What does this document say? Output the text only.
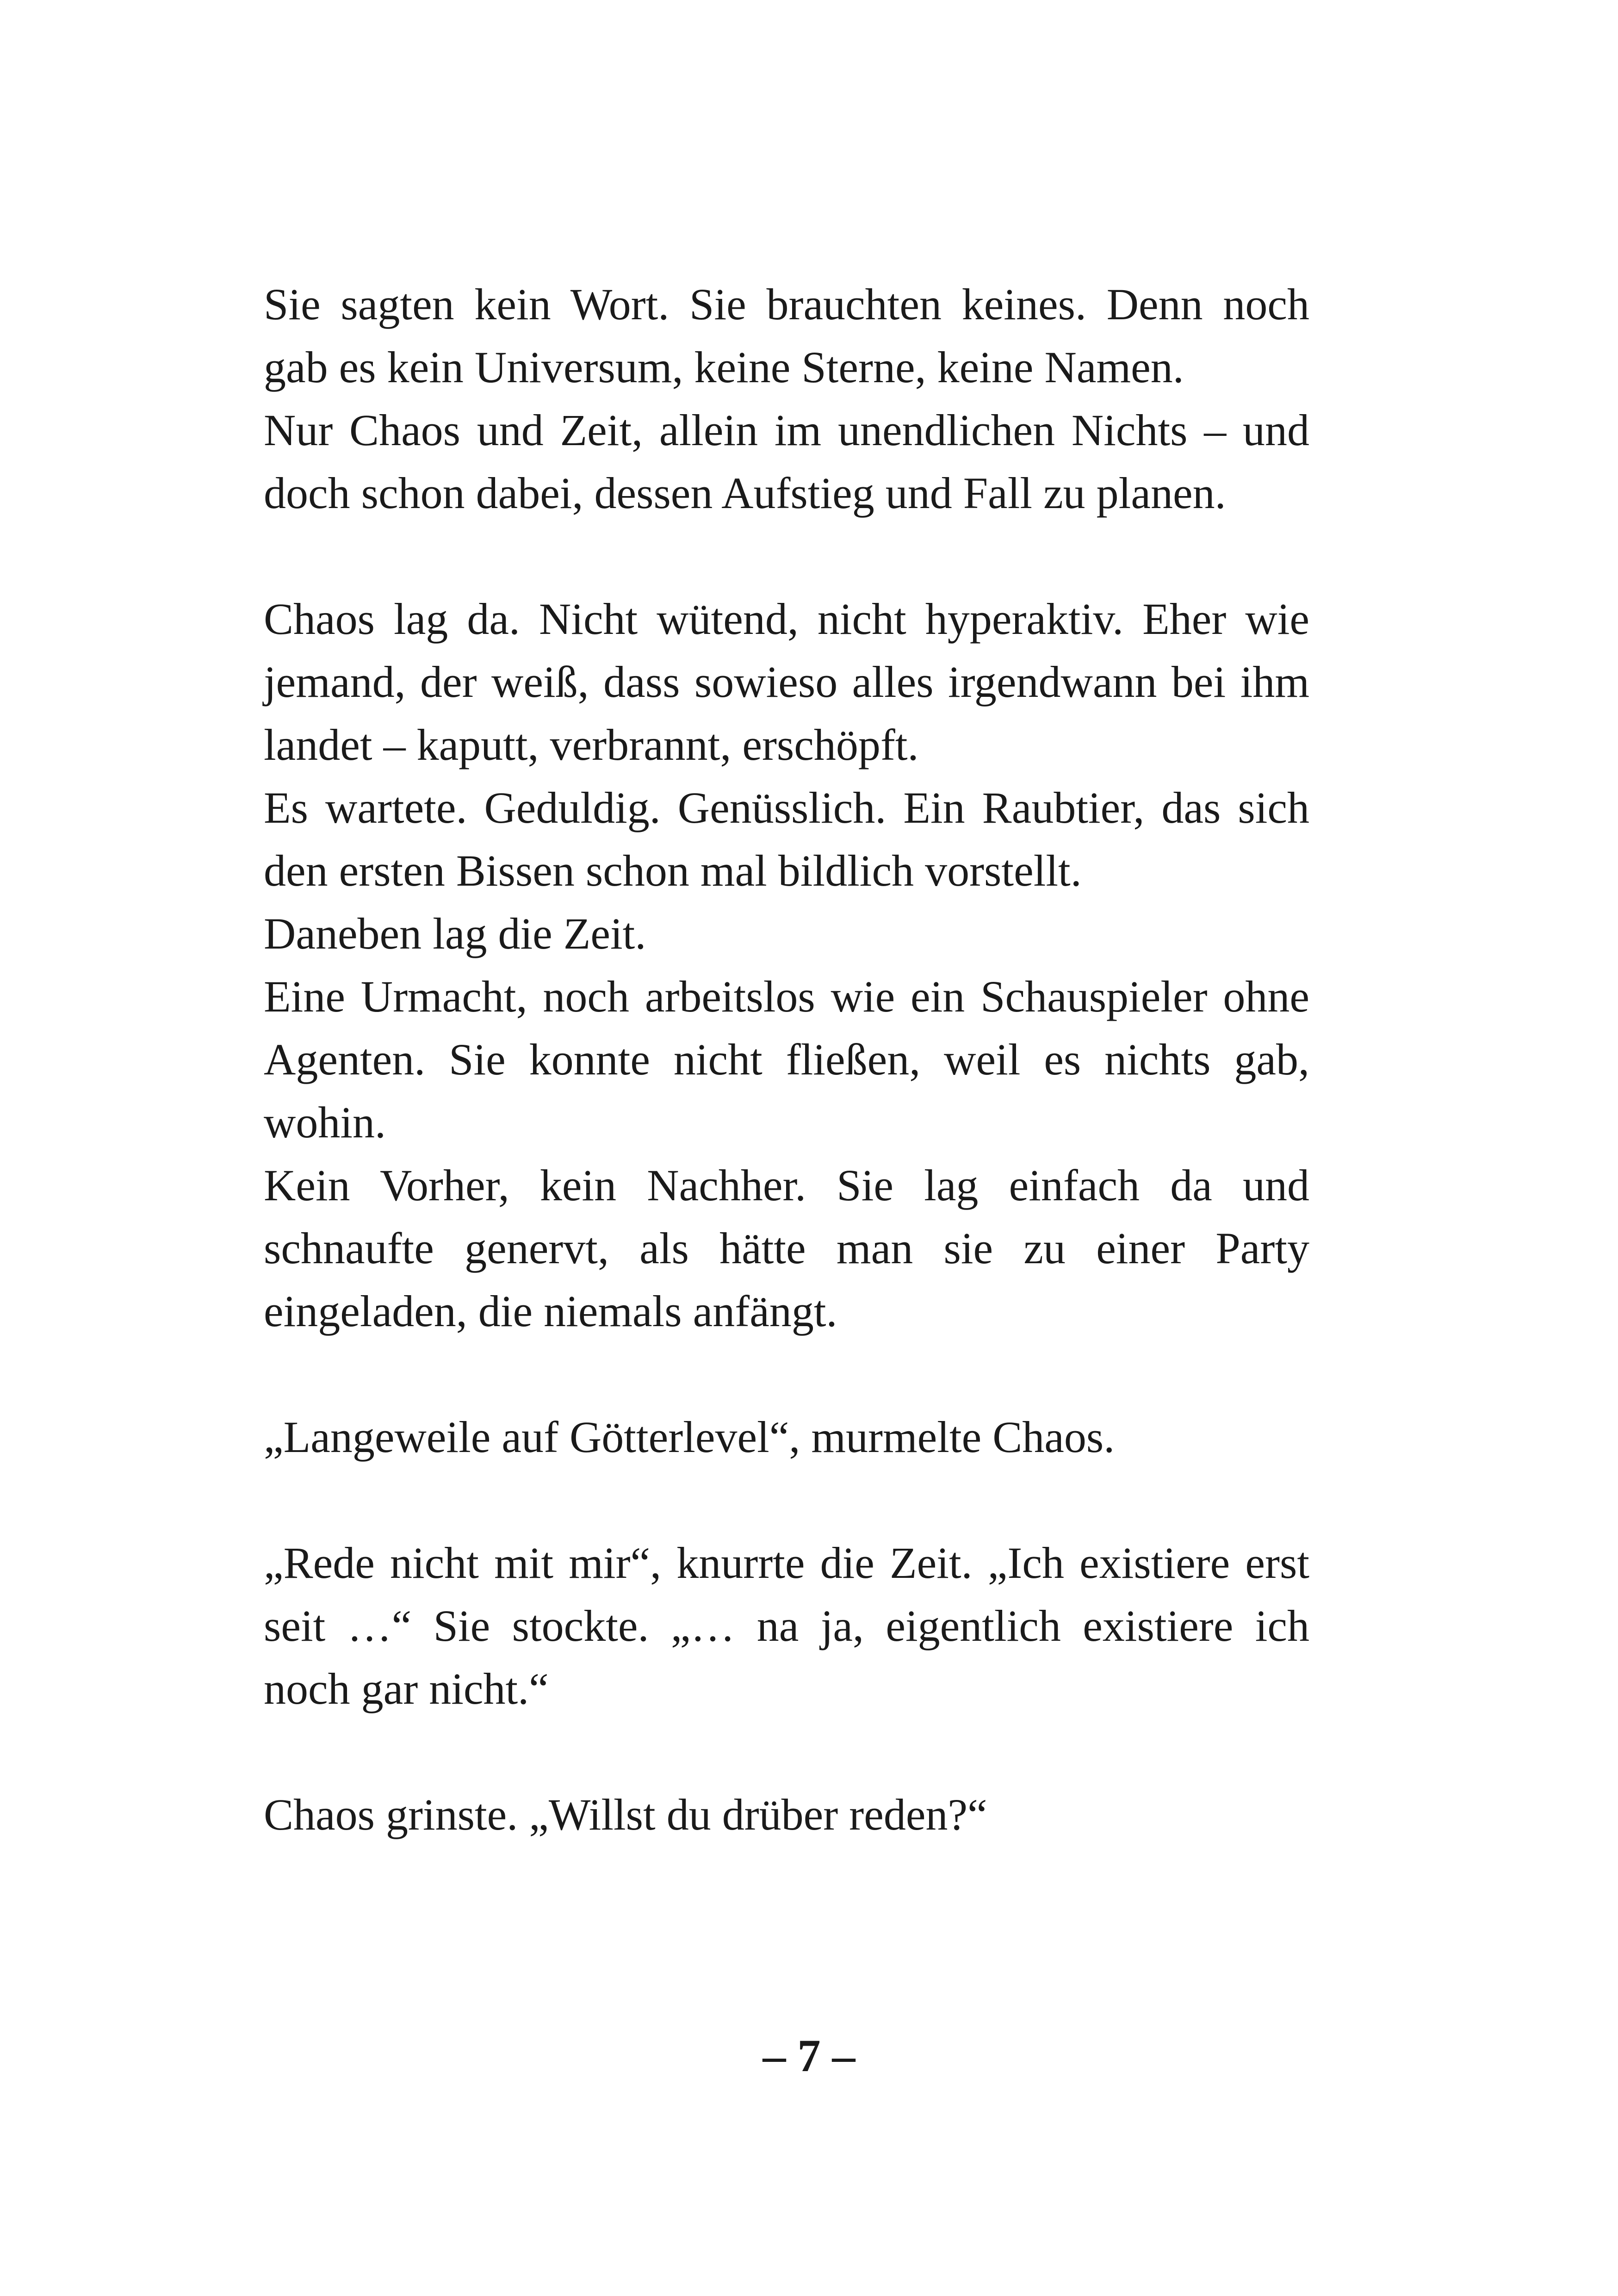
Sie sagten kein Wort. Sie brauchten keines. Denn noch gab es kein Universum, keine Sterne, keine Namen.

Nur Chaos und Zeit, allein im unendlichen Nichts – und doch schon dabei, dessen Aufstieg und Fall zu planen.

Chaos lag da. Nicht wütend, nicht hyperaktiv. Eher wie jemand, der weiß, dass sowieso alles irgendwann bei ihm landet – kaputt, verbrannt, erschöpft.

Es wartete. Geduldig. Genüsslich. Ein Raubtier, das sich den ersten Bissen schon mal bildlich vorstellt.

Daneben lag die Zeit.

Eine Urmacht, noch arbeitslos wie ein Schauspieler ohne Agenten. Sie konnte nicht fließen, weil es nichts gab, wohin.

Kein Vorher, kein Nachher. Sie lag einfach da und schnaufte genervt, als hätte man sie zu einer Party eingeladen, die niemals anfängt.

„Langeweile auf Götterlevel“, murmelte Chaos.

„Rede nicht mit mir“, knurrte die Zeit. „Ich existiere erst seit …“ Sie stockte. „… na ja, eigentlich existiere ich noch gar nicht.“

Chaos grinste. „Willst du drüber reden?“

– 7 –
